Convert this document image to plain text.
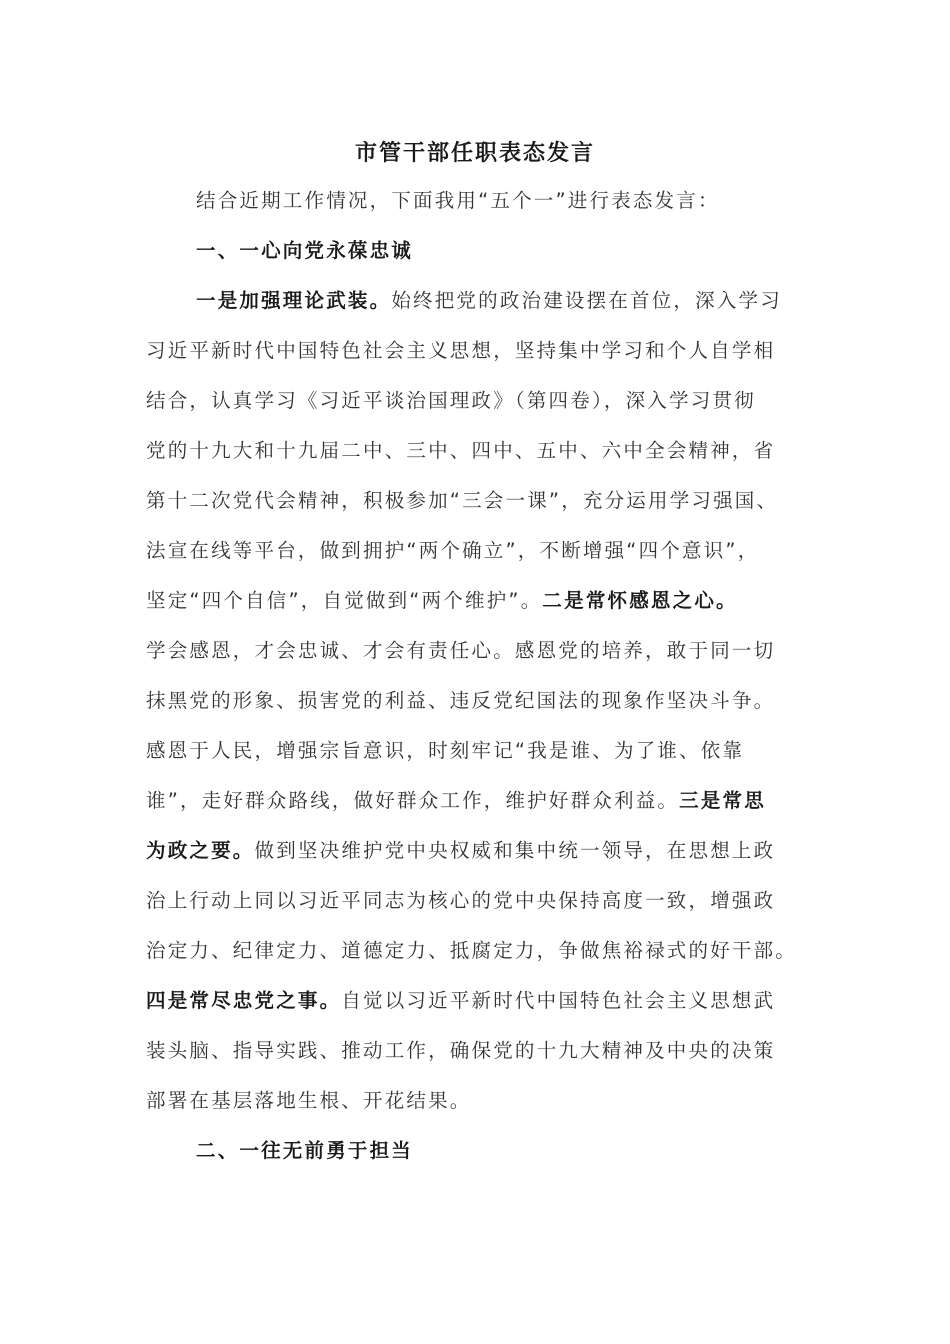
市管干部任职表态发言

结合近期工作情况，下面我用“五个一”进行表态发言：

一、一心向党永葆忠诚

一是加强理论武装。始终把党的政治建设摆在首位，深入学习

习近平新时代中国特色社会主义思想，坚持集中学习和个人自学相

结合，认真学习《习近平谈治国理政》（第四卷），深入学习贯彻

党的十九大和十九届二中、三中、四中、五中、六中全会精神，省

第十二次党代会精神，积极参加“三会一课”，充分运用学习强国、

法宣在线等平台，做到拥护“两个确立”，不断增强“四个意识”，

坚定“四个自信”，自觉做到“两个维护”。二是常怀感恩之心。

学会感恩，才会忠诚、才会有责任心。感恩党的培养，敢于同一切

抹黑党的形象、损害党的利益、违反党纪国法的现象作坚决斗争。

感恩于人民，增强宗旨意识，时刻牢记“我是谁、为了谁、依靠

谁”，走好群众路线，做好群众工作，维护好群众利益。三是常思

为政之要。做到坚决维护党中央权威和集中统一领导，在思想上政

治上行动上同以习近平同志为核心的党中央保持高度一致，增强政

治定力、纪律定力、道德定力、抵腐定力，争做焦裕禄式的好干部。

四是常尽忠党之事。自觉以习近平新时代中国特色社会主义思想武

装头脑、指导实践、推动工作，确保党的十九大精神及中央的决策

部署在基层落地生根、开花结果。

二、一往无前勇于担当
